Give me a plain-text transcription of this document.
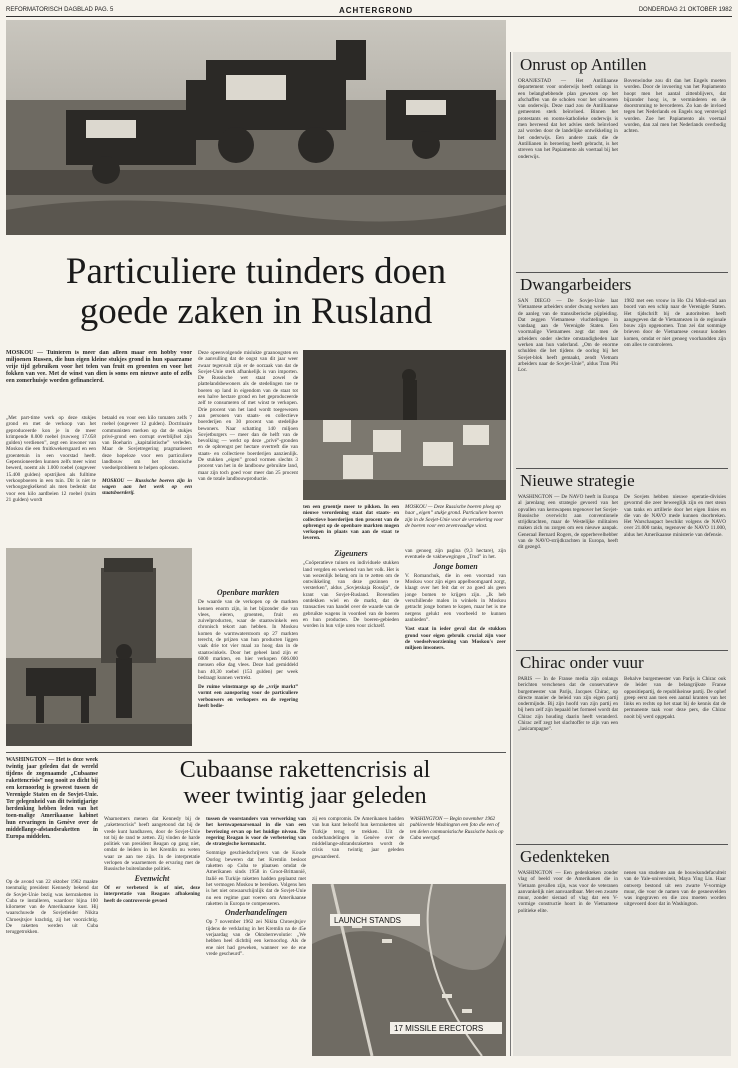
REFORMATORISCH DAGBLAD PAG. 5	ACHTERGROND	DONDERDAG 21 OKTOBER 1982
Particuliere tuinders doen
goede zaken in Rusland
MOSKOU — Tuinieren is meer dan alleen maar een hobby voor miljoenen Russen, die hun eigen kleine stukjes grond in hun spaarzame vrije tijd gebruiken voor het telen van fruit en groenten en voor het fokken van vee. Met de winst van dien is soms een nieuwe auto of zelfs een zomerhuisje worden gefinancierd.
„Met part-time werk op deze stukjes grond en met de verkoop van het geproduceerde kon je in de meer krimpende 8.000 roebel (ruwweg 17.058 gulden) verdienen”, zegt een inwoner van Moskou die een fruitkwekersgaard en een groentetuin in een voorstad heeft. Gepensioneerden kunnen zelfs meer winst bewerd, noemt als 1.000 roebel (ongeveer 15.400 gulden) opstrijken als fulltime verkoopboeren in een tuin. Dit is niet te verhoogzegkelkend als men bedenkt dat voor een kilo aardbeien 12 roebel (ruim 21 gulden) wordt
betaald en voor een kilo tomaten zelfs 7 roebel (ongeveer 12 gulden). Doctrinaire communisten merken op dat de stukjes privé-grond een corrupt overblijfsel zijn van Boeharin „kapitalistische” verleden. Maar de Sovjetregering pragmatiseert deze hopeloze voor een particuliere landbouw om het chronische voedselprobleem te helpen oplossen.
MOSKOU — Russische boeren zijn in wagen aan het werk op een staatsboerderij.
Deze opeenvolgende mislukte graanoogsten en de aanvulling dat de oogst van dit jaar weer zwaar tegenvalt zijn er de oorzaak van dat de Sovjet-Unie sterk afhankelijk is van importen. De Russische wet staat zowel de plattelandsbewoners als de stedelingen toe te boeren op land in eigendom van de staat tot een halve hectare grond en het geproduceerde zelf te consumeren of met winst te verkopen. Drie procent van het land wordt toegewezen aan personen van staats- en collectieve boerderijen en 30 procent van stedelijke bewoners. Naar schatting 140 miljoen Sovjetburgers — meer dan de helft van de bevolking — werkt op deze „privé”-gronden en de opbrengst per hectare overtreft die van staats- en collectieve boerderijen aanzienlijk. De stukken „eigen” grond vormen slechts 3 procent van het in de landbouw gebruikte land, maar zijn toch goed voor meer dan 25 procent van de totale landbouwproductie.
ten een groentje meer te pikken. In een nieuwe verordening staat dat staats- en collectieve boerderijen tien procent van de opbrengst op de openbare markten mogen verkopen in plaats van aan de staat te leveren.
MOSKOU — Deze Russische boeren ploeg op haar „eigen” stukje grond. Particuliere boeren zijn in de Sovjet-Unie voor de verzekering voor de boeren voor een zevenvoudige winst.
Openbare markten
De waarde van de verkopen op de markten kennen enorm zijn, in het bijzonder die van vlees, eieren, groenten, fruit en zuivelproducten, waar de staatswinkels een chronisch tekort aan hebben. In Moskou komen de warmwaterstoom op 27 markten terecht, de prijzen van hun producten liggen vaak drie tot vier maal zo hoog dan in de staatswinkels. Door het geheel land zijn er 6000 markten, en hier verkopen 606.000 mensen elke dag vlees. Deze had gemiddeld hun 40,30 roebel (153 gulden) per week bedraagt kunnen vertrekt.
De ruime winstmarge op de „vrije markt” vormt een aansporing voor de particuliere verbouwers en verkopers en de regering heeft bedie-
Zigeuners
„Coöperatieve tuinen en individuele stukken land vergden en werkend van het volk. Het is van wezenlijk belang om in te zetten om de ontwikkeling van deze gezinnen te versterken”, aldus „Sovjetskaja Rossija”, de krant van Sovjet-Rusland. Bovendien ontdekken wiel en de markt, dat de transacties van handel over de waarde van de gebruikte wagens in voordeel van de boeren en hun producten. De boeren-gebieden worden in hun vrije uren voor zichzelf.
van genoeg zijn pagina (9,3 hectare), zijn eventuele de vakbewegingen „Trud” in het.
Jonge bomen
V. Romanchuk, die in een voorstad van Moskou voor zijn eigen appelboomgaard zorgt, klaagt over het feit dat er zo goed als geen jonge bomen te krijgen zijn. „Ik heb verschillende malen in winkels in Moskou getracht jonge bomen te kopen, maar het is me nergens gelukt een voorbeeld te kunnen aanbieden”.
Vast staat in ieder geval dat de stukken grond voor eigen gebruik crucial zijn voor de voedselvoorziening van Moskou's zeer miljoen inwoners.
WASHINGTON — Het is deze week twintig jaar geleden dat de wereld tijdens de zogenaamde „Cubaanse rakettencrisis” nog nooit zo dicht bij een kernoorlog is geweest tussen de Verenigde Staten en de Sovjet-Unie. Ter gelegenheid van dit twintigjarige herdenking hebben leden van het toen-malige Amerikaanse kabinet hun ervaringen in Genève over de middellange-afstandsraketten in Europa middelen.
Op de avond van 22 oktober 1962 maakte toenmalig president Kennedy bekend dat de Sovjet-Unie bezig was kernraketten in Cuba te installeren, waardoor bijna 100 kilometer van de Amerikaanse kust. Hij waarschuwde de Sovjetleider Nikita Chroesjtsjov krachtig, zij het voorzichtig. De raketten werden uit Cuba teruggetrokken.
Cubaanse rakettencrisis al
weer twintig jaar geleden
Waarnemers menen dat Kennedy bij de „rakettencrisis” heeft aangetoond dat hij de vrede kunt handhaven, door de Sovjet-Unie tot bij de rand te zetten. Zij vinden de harde politiek van president Reagan op gang niet, omdat de leiders in het Kremlin nu weten waar ze aan toe zijn. In de interpretatie verlopen de waarnemers de ervaring met de Russische buitenlandse politiek.
Evenwicht
Of er verbeterd is of niet, deze interpretatie van Reagans afbakening heeft de controversie gevoed
tussen de voorstanders van verwerking van het kernwapenarsenaal in die van een bevriezing ervan op het huidige niveau. De regering Reagan is voor de verbetering van de strategische kernmacht.
Sommige geschiedschrijvers van de Koude Oorlog beweren dat het Kremlin besloot raketten op Cuba te plaatsen omdat de Amerikanen sinds 1958 in Groot-Brittannië, Italië en Turkije raketten hadden geplaatst met het vermogen Moskou te bereiken. Volgens hen is het niet onwaarschijnlijk dat de Sovjet-Unie nu een regime gaat voeren om Amerikaanse raketten in Europa te compenseren.
Onderhandelingen
Op 7 november 1962 zei Nikita Chroesjtsjov tijdens de verklaring in het Kremlin na de 45e verjaardag van de Oktoberrevolutie: „We hebben heel dichtbij een kernoorlog. Als de ene niet had geweken, wanneer we de ene vrede gescheurd”.
zij een compromis. De Amerikanen hadden van hun kant beloofd hun kernraketten uit Turkije terug te trekken. Uit de onderhandelingen in Genève over de middellange-afstandsraketten wordt de crisis van twintig jaar geleden gewaardeerd.
WASHINGTON — Begin november 1962 publiceerde Washington een foto die een of ten delen communistische Russische basis op Cuba weergaf.
LAUNCH STANDS
17 MISSILE ERECTORS
Onrust op Antillen
ORANJESTAD — Het Antilliaanse departement voor onderwijs heeft onlangs in een belanghebbende plan gewezen op het afschaffen van de scholen voor het uitvoeren van onderwijs. Deze raad zou de Antilliaanse gemeenten sterk beïnvloed. Binnen het protestants en rooms-katholieke onderwijs is men bevreesd dat het advies sterk beïnvloed zal worden door de landelijke ontwikkeling in het onderwijs. Een andere zaak die de Antillianen in beroering heeft gebracht, is het streven van het Papiamento als voertaal bij het onderwijs.
Bovenwindse zou dit dan het Engels moeten worden. Door de invoering van het Papiamento hoopt men het aantal zittenblijvers, dat bijzonder hoog is, te verminderen en de doorstroming te bevorderen. Zo kan de invloed tegen het Nederlands en Engels nog verstevigd worden. Zoe het Papiamento als voertaal worden, dan zal men het Nederlands overbodig achten.
Dwangarbeiders
SAN DIEGO — De Sovjet-Unie laat Vietnamese arbeiders onder dwang werken aan de aanleg van de transsiberische pijpleiding. Dat zeggen Vietnamese vluchtelingen in vandaag aan de Verenigde Staten. Een voormalige Vietnamees zegt dat men de arbeiders onder slechte omstandigheden laat werken aan hun vaderland. „Om de enorme schulden die het tijdens de oorlog bij het Sovjet-blok heeft gemaakt, zendt Vietnam arbeiders naar de Sovjet-Unie”, aldus Tran Phi Loc.
1982 met een vrouw in Ho Chi Minh-stad aan boord van een schip naar de Verenigde Staten. Het tijdschrift bij de autoriteiten heeft aangegeven dat de Vietnamezen in de regionale bouw zijn opgenomen. Tran zei dat sommige brieven door de Vietnamese censuur konden komen, omdat er niet genoeg voorhandden zijn om alles te controleren.
Nieuwe strategie
WASHINGTON — De NAVO heeft in Europa al jarenlang een strategie gevoerd van het opvallen van kernwapens tegenover het Sovjet-Russische overwicht aan conventionele strijdkrachten, maar de Westelijke militairen maken zich nu zorgen om een nieuwe aanpak. Generaal Bernard Rogers, de opperbevelhebber van de NAVO-strijdkrachten in Europa, heeft dit gezegd.
De Sovjets hebben nieuwe operatie-divisies gevormd die zeer beweeglijk zijn en met steun van tanks en artillerie door het eigen linies en die van de NAVO mede kunnen doorbreken. Het Warschaupact beschikt volgens de NAVO over 21.000 tanks, tegenover de NAVO 11.000, aldus het Amerikaanse ministerie van defensie.
Chirac onder vuur
PARIS — In de Franse media zijn onlangs berichten verschenen dat de conservatieve burgemeester van Parijs, Jacques Chirac, op directe manier de beleid van zijn eigen partij ondermijnde. Bij zijn hoofd van zijn partij en bij hem zelf zijn bepaald het formeel wordt dat Chirac zijn houding daarin heeft veranderd. Chirac zelf zegt het slachtoffer te zijn van een „lasicampagne”.
Behalve burgemeester van Parijs is Chirac ook de leider van de belangrijkste Franse oppositiepartij, de republikeinse partij. De ophef greep eerst aan toen een aantal kranten van het links en rechts op het staat bij de kennis dat de permanente taak voor deze pers, die Chirac nooit bij werd opgepakt.
Gedenkteken
WASHINGTON — Een gedenkteken zonder vlag of beeld voor de Amerikanen die in Vietnam gevallen zijn, was voor de veteranen aanvankelijk niet aanvaardbaar. Met een zwarte muur, zonder sieraad of vlag dat een V-vormige constructie hoort in de Vietnamese politieke elite.
nenen van studente aan de bouwkundefaculteit van de Yale-universiteit, Maya Ying Lin. Haar ontwerp bestond uit een zwarte V-vormige muur, die voor de namen van de gesneuvelden was ingegraven en die zou moeten worden uitgevoerd door dat in Washington.
